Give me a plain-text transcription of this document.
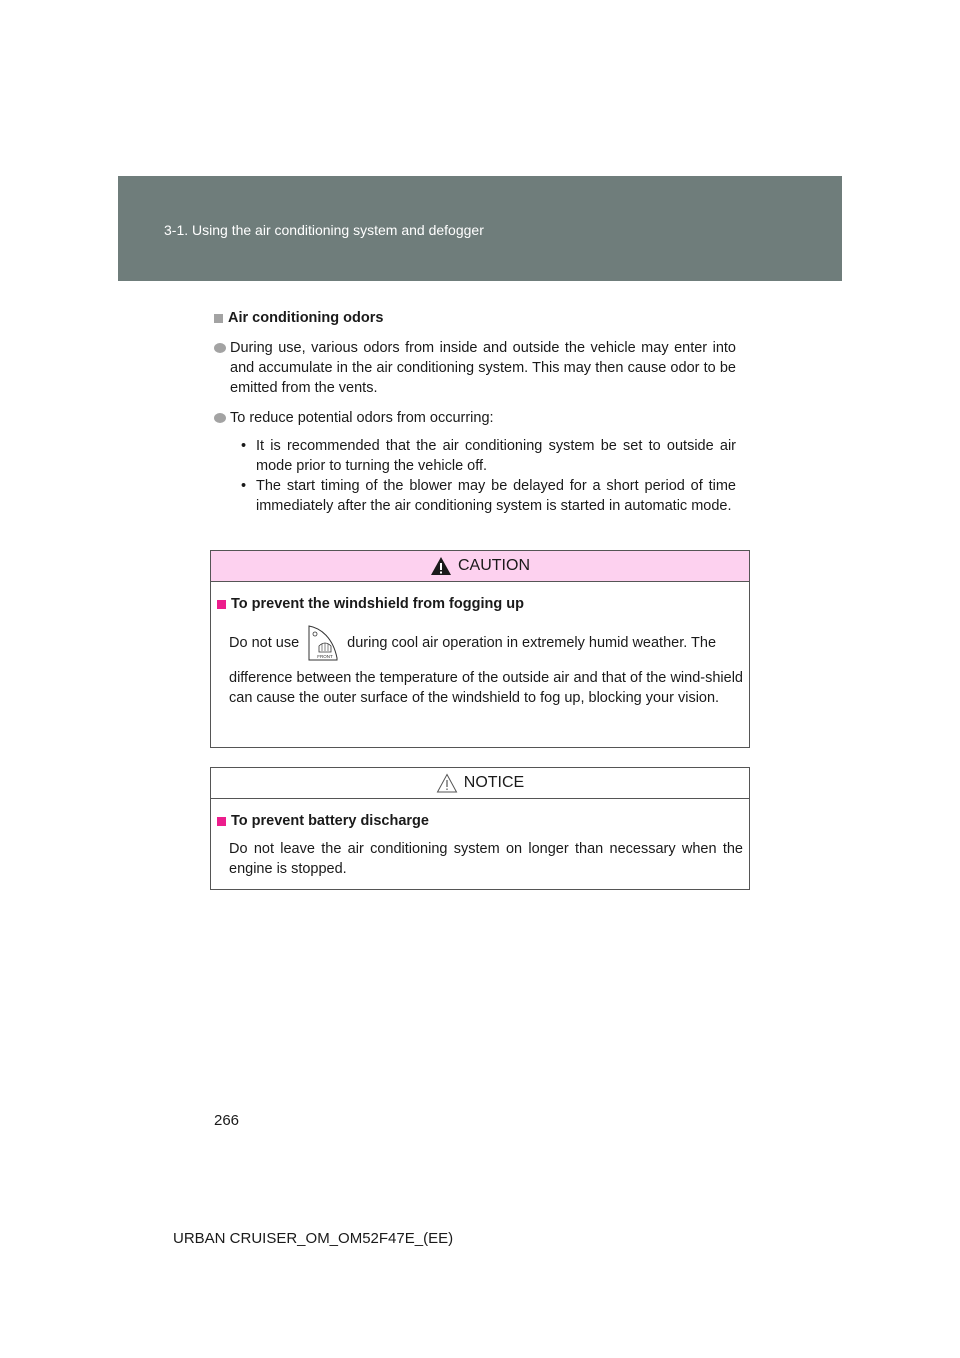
3-1. Using the air conditioning system and defogger
Air conditioning odors
During use, various odors from inside and outside the vehicle may enter into and accumulate in the air conditioning system. This may then cause odor to be emitted from the vents.
To reduce potential odors from occurring:
• It is recommended that the air conditioning system be set to outside air mode prior to turning the vehicle off.
• The start timing of the blower may be delayed for a short period of time immediately after the air conditioning system is started in automatic mode.
CAUTION
To prevent the windshield from fogging up
Do not use
FRONT
during cool air operation in extremely humid weather. The
difference between the temperature of the outside air and that of the wind-shield can cause the outer surface of the windshield to fog up, blocking your vision.
NOTICE
To prevent battery discharge
Do not leave the air conditioning system on longer than necessary when the engine is stopped.
266
URBAN CRUISER_OM_OM52F47E_(EE)
